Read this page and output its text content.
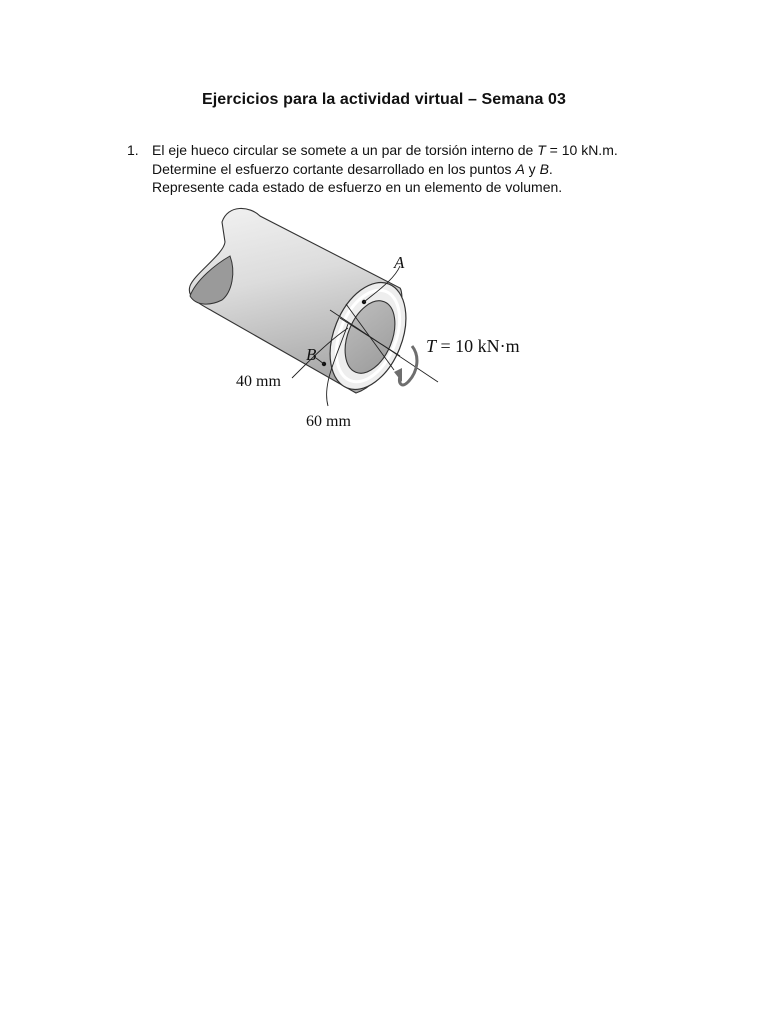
Ejercicios para la actividad virtual – Semana 03
1. El eje hueco circular se somete a un par de torsión interno de T = 10 kN.m.
Determine el esfuerzo cortante desarrollado en los puntos A y B.
Represente cada estado de esfuerzo en un elemento de volumen.
A
B	T = 10 kN·m
40 mm
60 mm
